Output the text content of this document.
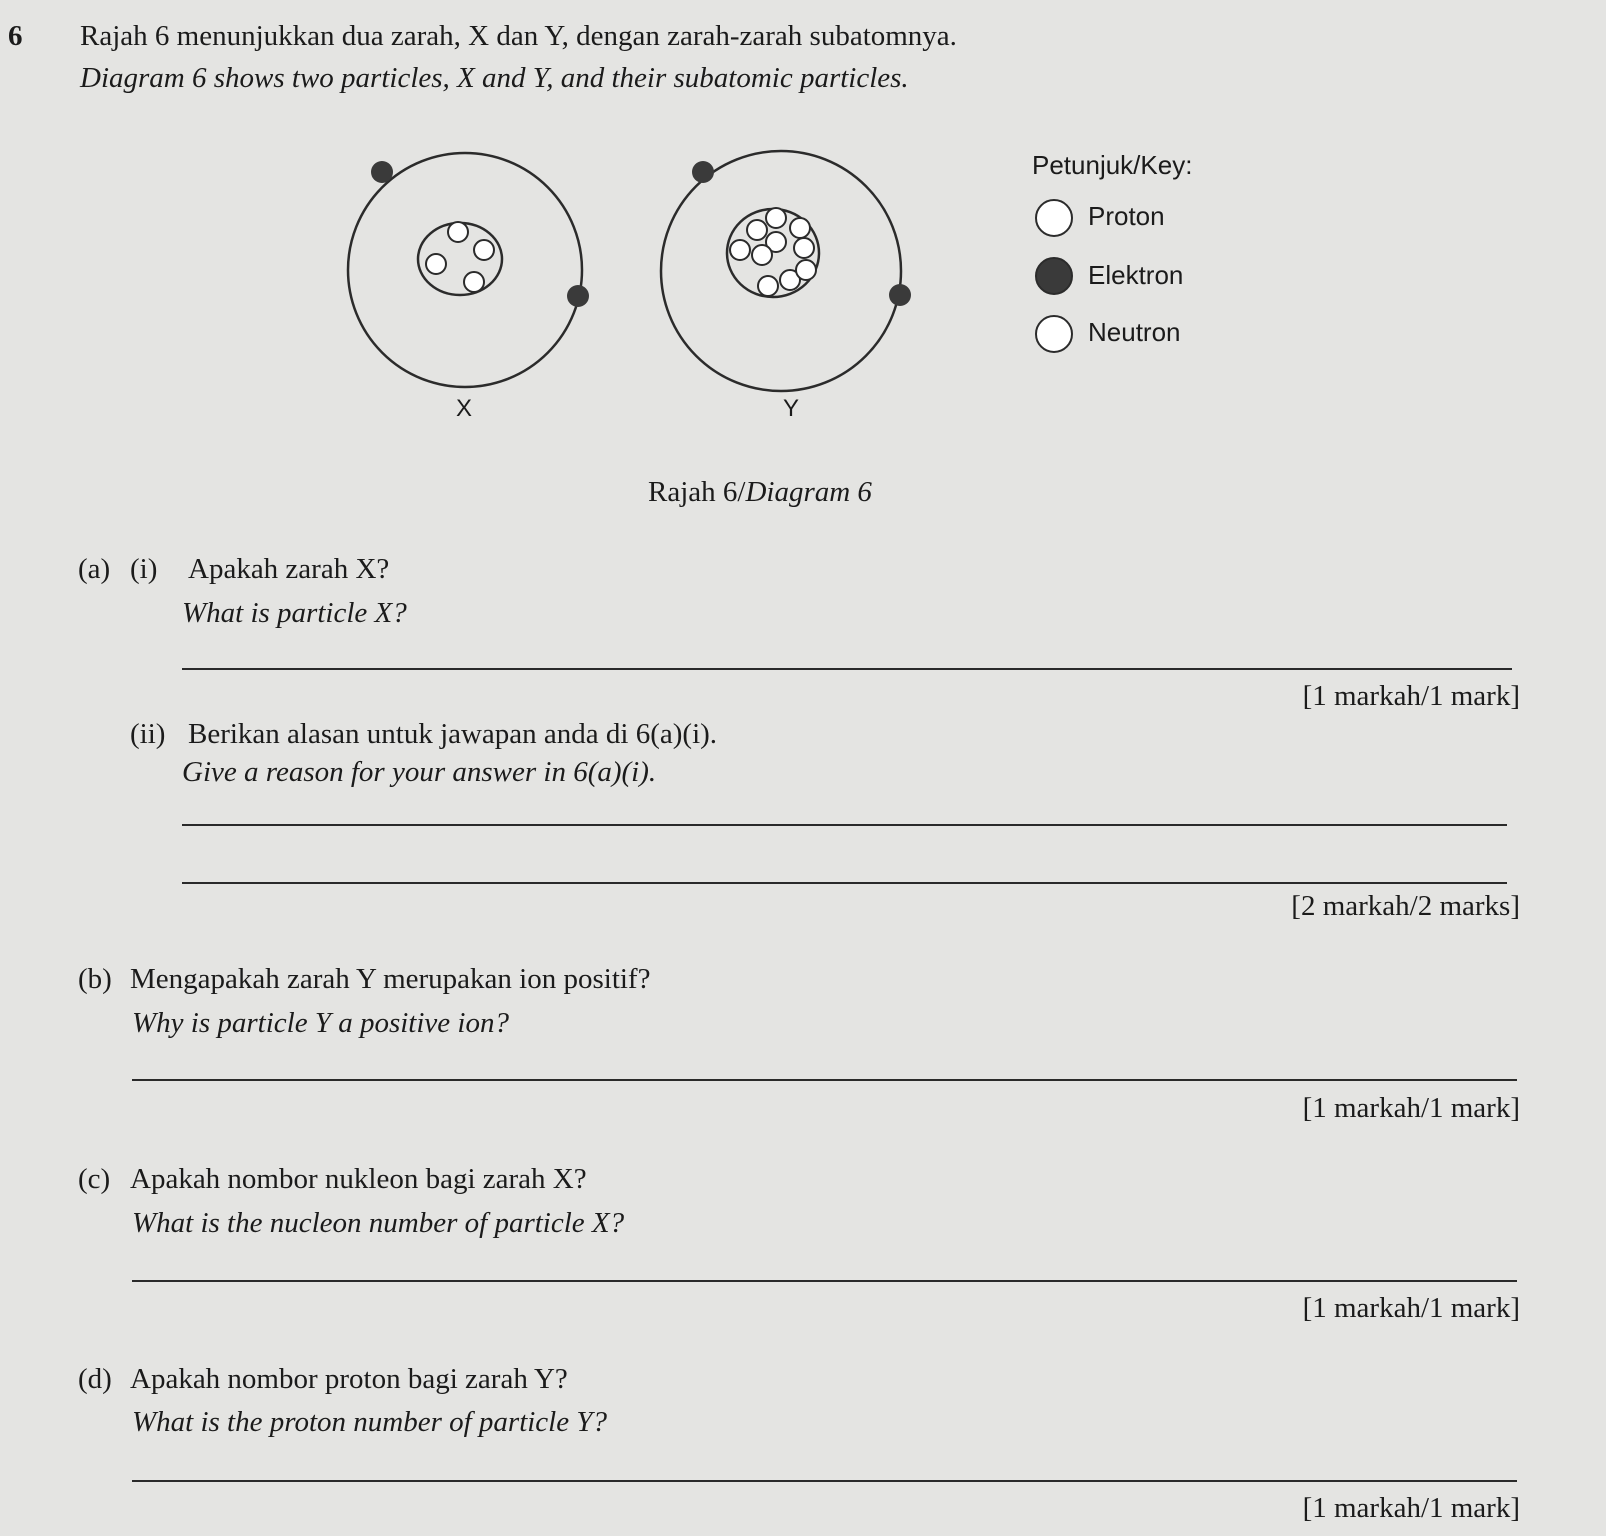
6 Rajah 6 menunjukkan dua zarah, X dan Y, dengan zarah-zarah subatomnya.
Diagram 6 shows two particles, X and Y, and their subatomic particles.
Petunjuk/Key:
Proton
Elektron
Neutron
X	Y
Rajah 6/Diagram 6
(a) (i) Apakah zarah X?
What is particle X?
[1 markah/1 mark]
(ii) Berikan alasan untuk jawapan anda di 6(a)(i).
Give a reason for your answer in 6(a)(i).
[2 markah/2 marks]
(b) Mengapakah zarah Y merupakan ion positif?
Why is particle Y a positive ion?
[1 markah/1 mark]
(c) Apakah nombor nukleon bagi zarah X?
What is the nucleon number of particle X?
[1 markah/1 mark]
(d) Apakah nombor proton bagi zarah Y?
What is the proton number of particle Y?
[1 markah/1 mark]
